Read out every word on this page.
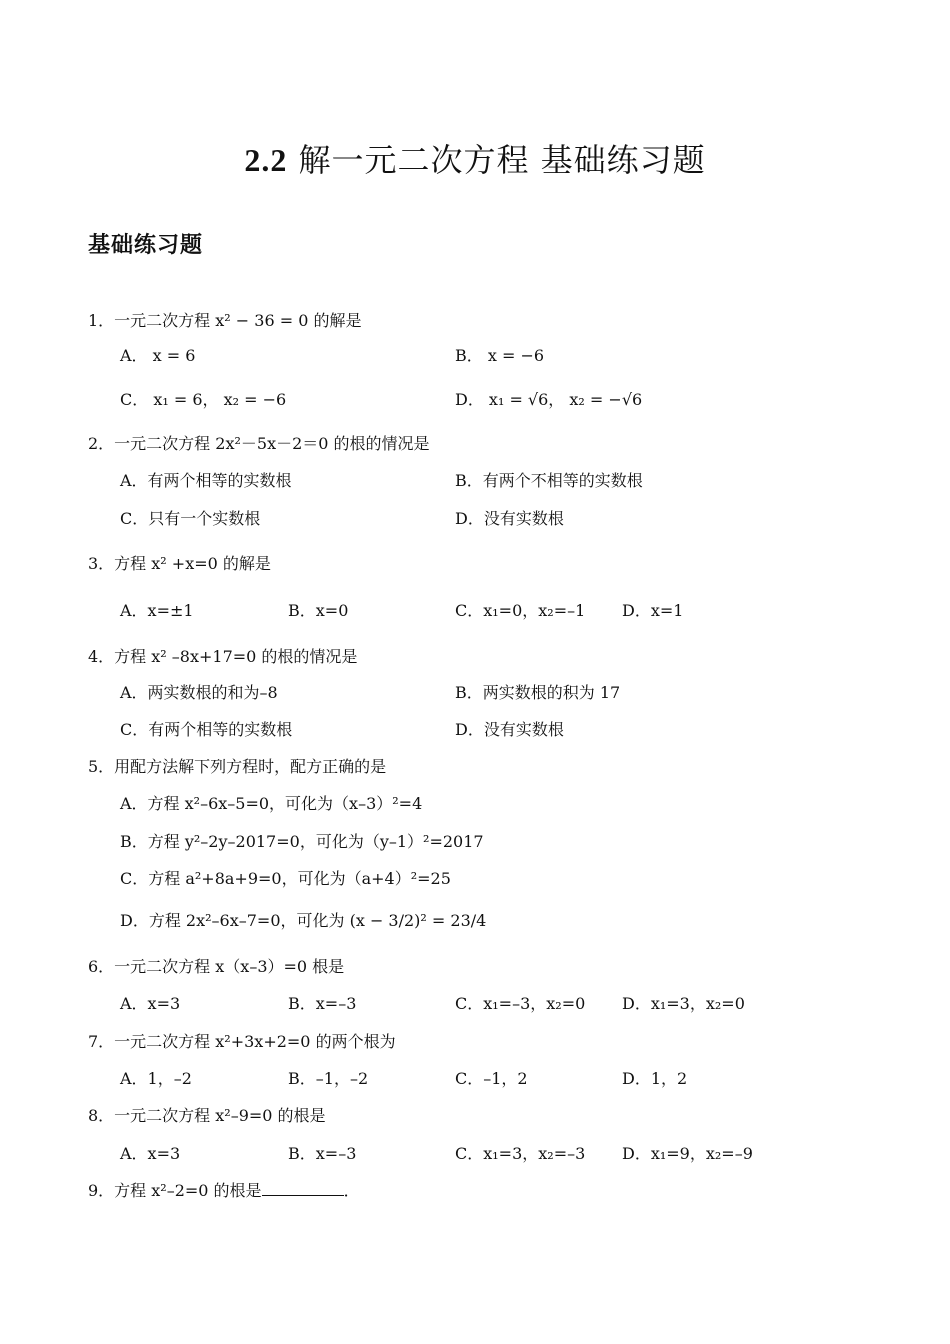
2.2 解一元二次方程 基础练习题
基础练习题
1．一元二次方程 x² − 36 = 0 的解是
A． x = 6	B． x = −6
C． x₁ = 6， x₂ = −6	D． x₁ = √6， x₂ = −√6
2．一元二次方程 2x²－5x－2＝0 的根的情况是
A．有两个相等的实数根	B．有两个不相等的实数根
C．只有一个实数根	D．没有实数根
3．方程 x² +x=0 的解是
A．x=±1	B．x=0	C．x₁=0，x₂=–1 D．x=1
4．方程 x² –8x+17=0 的根的情况是
A．两实数根的和为–8	B．两实数根的积为 17
C．有两个相等的实数根	D．没有实数根
5．用配方法解下列方程时，配方正确的是
A．方程 x²–6x–5=0，可化为（x–3）²=4
B．方程 y²–2y–2017=0，可化为（y–1）²=2017
C．方程 a²+8a+9=0，可化为（a+4）²=25
D．方程 2x²–6x–7=0，可化为 (x − 3/2)² = 23/4
6．一元二次方程 x（x–3）=0 根是
A．x=3	B．x=–3	C．x₁=–3，x₂=0 D．x₁=3，x₂=0
7．一元二次方程 x²+3x+2=0 的两个根为
A．1，–2	B．–1，–2	C．–1，2	D．1，2
8．一元二次方程 x²–9=0 的根是
A．x=3	B．x=–3	C．x₁=3，x₂=–3 D．x₁=9，x₂=–9
9．方程 x²–2=0 的根是	．
